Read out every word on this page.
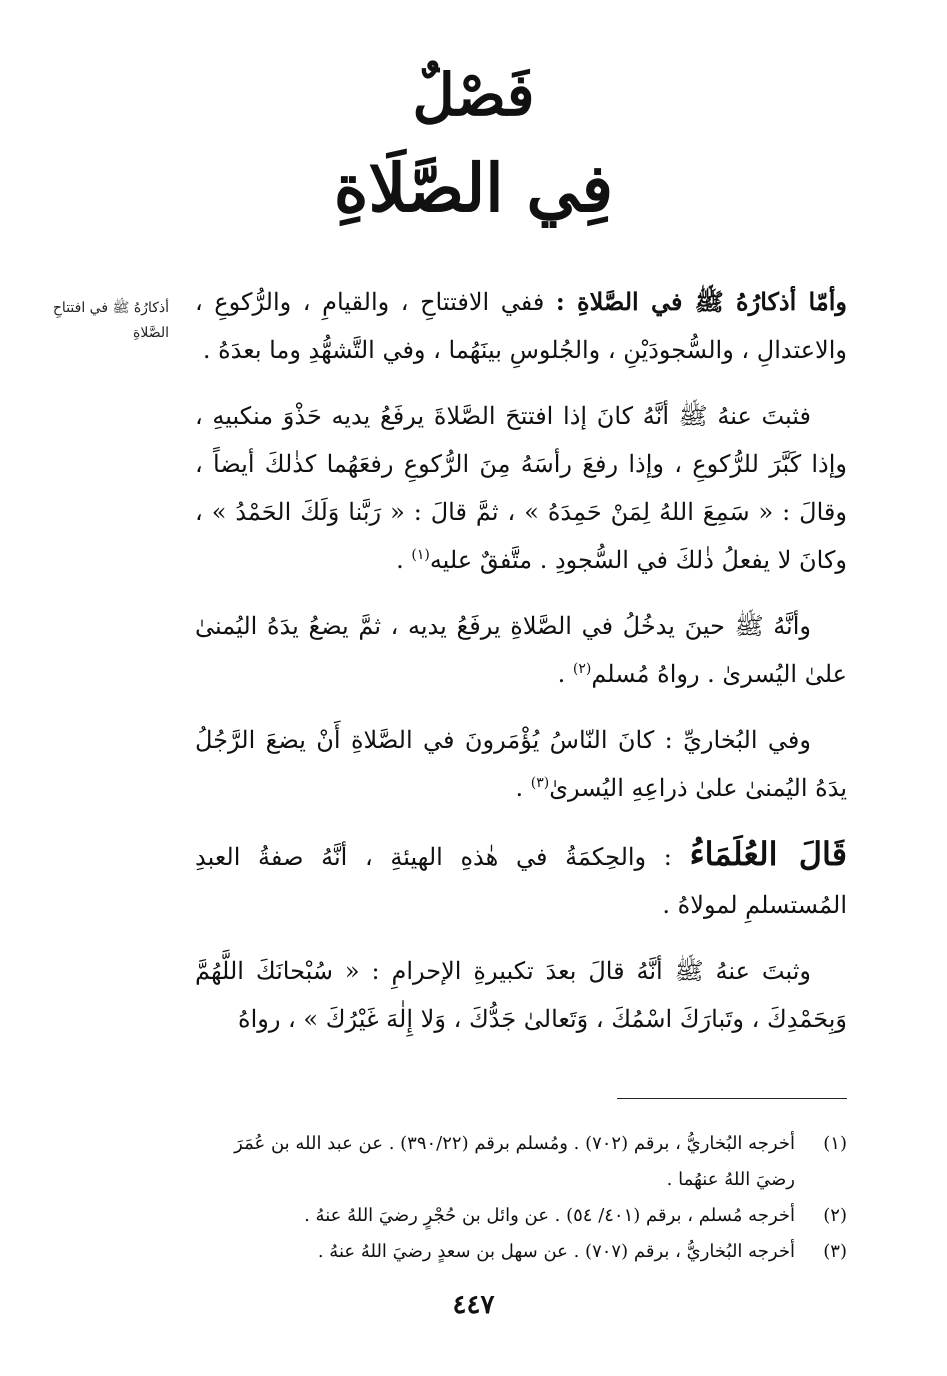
فَصْلٌ
فِي الصَّلَاةِ
أذكارُهُ ﷺ في افتتاحِ الصَّلاةِ

وأمّا أذكارُهُ ﷺ في الصَّلاةِ : ففي الافتتاحِ ، والقيامِ ، والرُّكوعِ ، والاعتدالِ ، والسُّجودَيْنِ ، والجُلوسِ بينَهُما ، وفي التَّشهُّدِ وما بعدَهُ .

فثبتَ عنهُ ﷺ أنَّهُ كانَ إذا افتتحَ الصَّلاةَ يرفَعُ يديه حَذْوَ منكبيهِ ، وإذا كَبَّرَ للرُّكوعِ ، وإذا رفعَ رأسَهُ مِنَ الرُّكوعِ رفعَهُما كذٰلكَ أيضاً ، وقالَ : « سَمِعَ اللهُ لِمَنْ حَمِدَهُ » ، ثمَّ قالَ : « رَبَّنا وَلَكَ الحَمْدُ » ، وكانَ لا يفعلُ ذٰلكَ في السُّجودِ . متَّفقٌ عليه$^{(١)}$ .

وأنَّهُ ﷺ حينَ يدخُلُ في الصَّلاةِ يرفَعُ يديه ، ثمَّ يضعُ يدَهُ اليُمنىٰ علىٰ اليُسرىٰ . رواهُ مُسلم$^{(٢)}$ .

وفي البُخاريِّ : كانَ النّاسُ يُؤْمَرونَ في الصَّلاةِ أَنْ يضعَ الرَّجُلُ يدَهُ اليُمنىٰ علىٰ ذراعِهِ اليُسرىٰ$^{(٣)}$ .

قَالَ العُلَمَاءُ : والحِكمَةُ في هٰذهِ الهيئةِ ، أنَّهُ صفةُ العبدِ المُستسلمِ لمولاهُ .

وثبتَ عنهُ ﷺ أنَّهُ قالَ بعدَ تكبيرةِ الإحرامِ : « سُبْحانَكَ اللَّهُمَّ وَبِحَمْدِكَ ، وتَبارَكَ اسْمُكَ ، وَتَعالىٰ جَدُّكَ ، وَلا إِلٰهَ غَيْرُكَ » ، رواهُ

(١)
أخرجه البُخاريُّ ، برقم (٧٠٢) . ومُسلم برقم (٣٩٠/٢٢) . عن عبد الله بن عُمَرَ رضيَ اللهُ عنهُما .
(٢)
أخرجه مُسلم ، برقم (٤٠١/ ٥٤) . عن وائل بن حُجْرٍ رضيَ اللهُ عنهُ .
(٣)
أخرجه البُخاريُّ ، برقم (٧٠٧) . عن سهل بن سعدٍ رضيَ اللهُ عنهُ .
٤٤٧
